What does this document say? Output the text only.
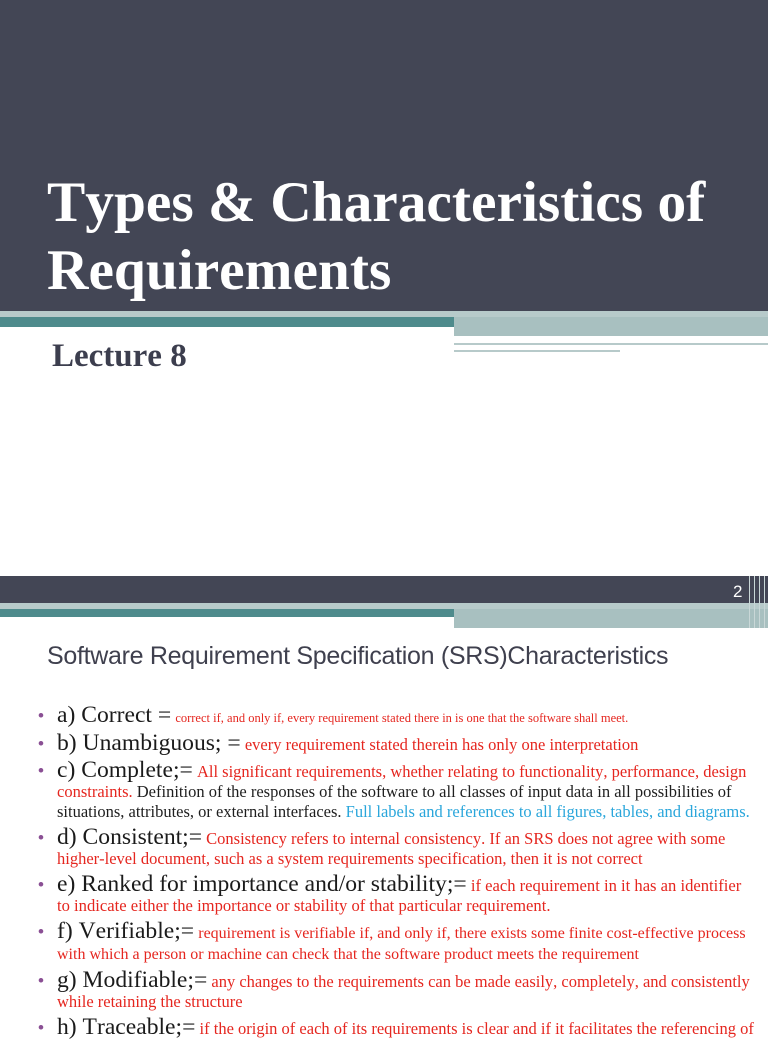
Types & Characteristics of Requirements

Lecture 8

2
Software Requirement Specification (SRS)Characteristics
• a) Correct = correct if, and only if, every requirement stated there in is one that the software shall meet.
• b) Unambiguous; = every requirement stated therein has only one interpretation
• c) Complete;= All significant requirements, whether relating to functionality, performance, design constraints. Definition of the responses of the software to all classes of input data in all possibilities of situations, attributes, or external interfaces. Full labels and references to all figures, tables, and diagrams.
• d) Consistent;= Consistency refers to internal consistency. If an SRS does not agree with some higher-level document, such as a system requirements specification, then it is not correct
• e) Ranked for importance and/or stability;= if each requirement in it has an identifier to indicate either the importance or stability of that particular requirement.
• f) Verifiable;= requirement is verifiable if, and only if, there exists some finite cost-effective process with which a person or machine can check that the software product meets the requirement
• g) Modifiable;= any changes to the requirements can be made easily, completely, and consistently while retaining the structure
• h) Traceable;= if the origin of each of its requirements is clear and if it facilitates the referencing of
